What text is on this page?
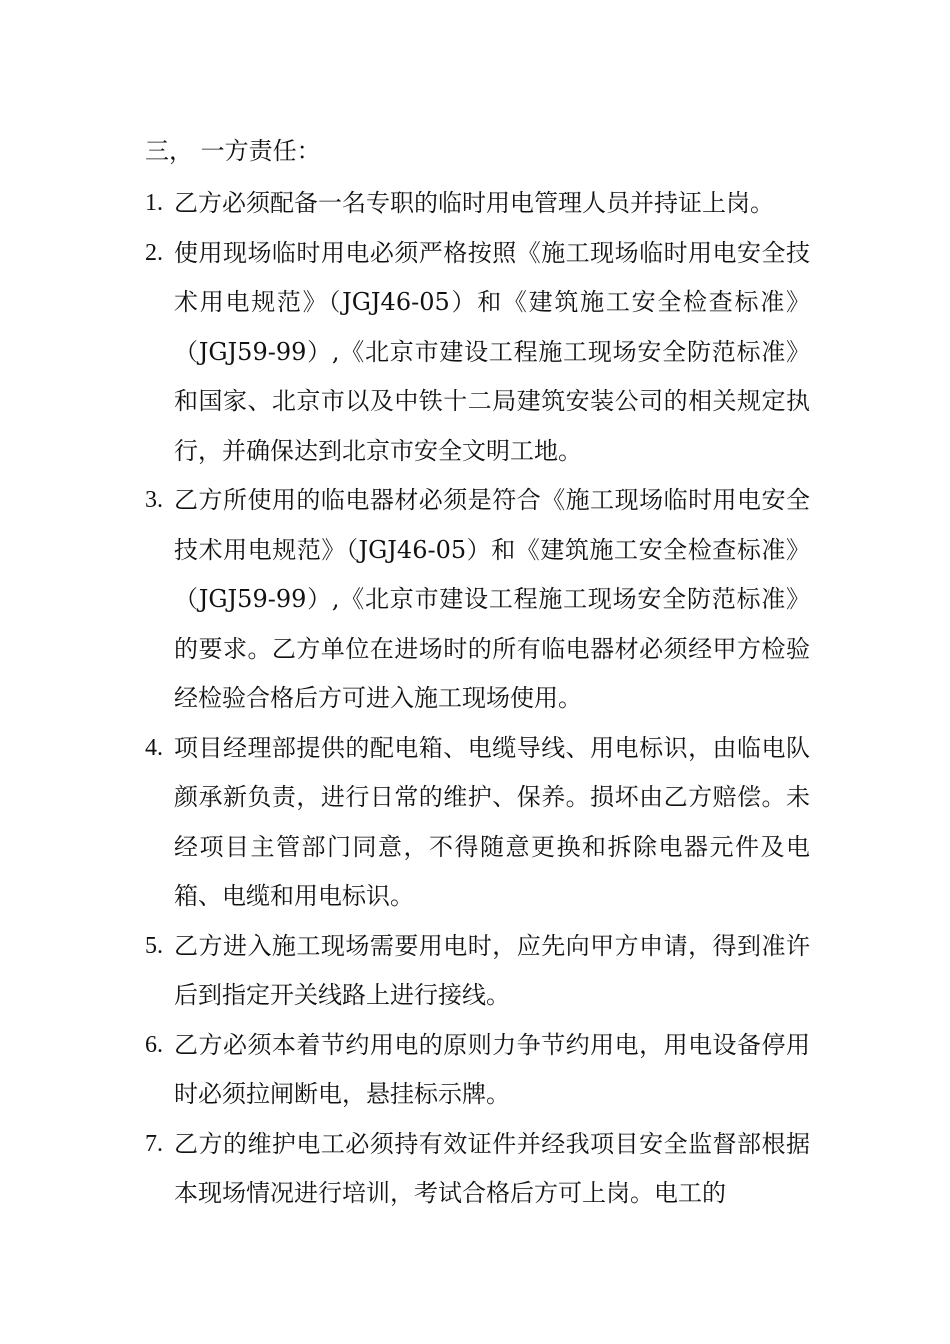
三， 一方责任：
1. 乙方必须配备一名专职的临时用电管理人员并持证上岗。
2. 使用现场临时用电必须严格按照《施工现场临时用电安全技术用电规范》（JGJ46-05）和《建筑施工安全检查标准》（JGJ59-99）,《北京市建设工程施工现场安全防范标准》和国家、北京市以及中铁十二局建筑安装公司的相关规定执行，并确保达到北京市安全文明工地。
3. 乙方所使用的临电器材必须是符合《施工现场临时用电安全技术用电规范》（JGJ46-05）和《建筑施工安全检查标准》（JGJ59-99）,《北京市建设工程施工现场安全防范标准》的要求。乙方单位在进场时的所有临电器材必须经甲方检验经检验合格后方可进入施工现场使用。
4. 项目经理部提供的配电箱、电缆导线、用电标识，由临电队颜承新负责，进行日常的维护、保养。损坏由乙方赔偿。未经项目主管部门同意，不得随意更换和拆除电器元件及电箱、电缆和用电标识。
5. 乙方进入施工现场需要用电时，应先向甲方申请，得到准许后到指定开关线路上进行接线。
6. 乙方必须本着节约用电的原则力争节约用电，用电设备停用时必须拉闸断电，悬挂标示牌。
7. 乙方的维护电工必须持有效证件并经我项目安全监督部根据本现场情况进行培训，考试合格后方可上岗。电工的
